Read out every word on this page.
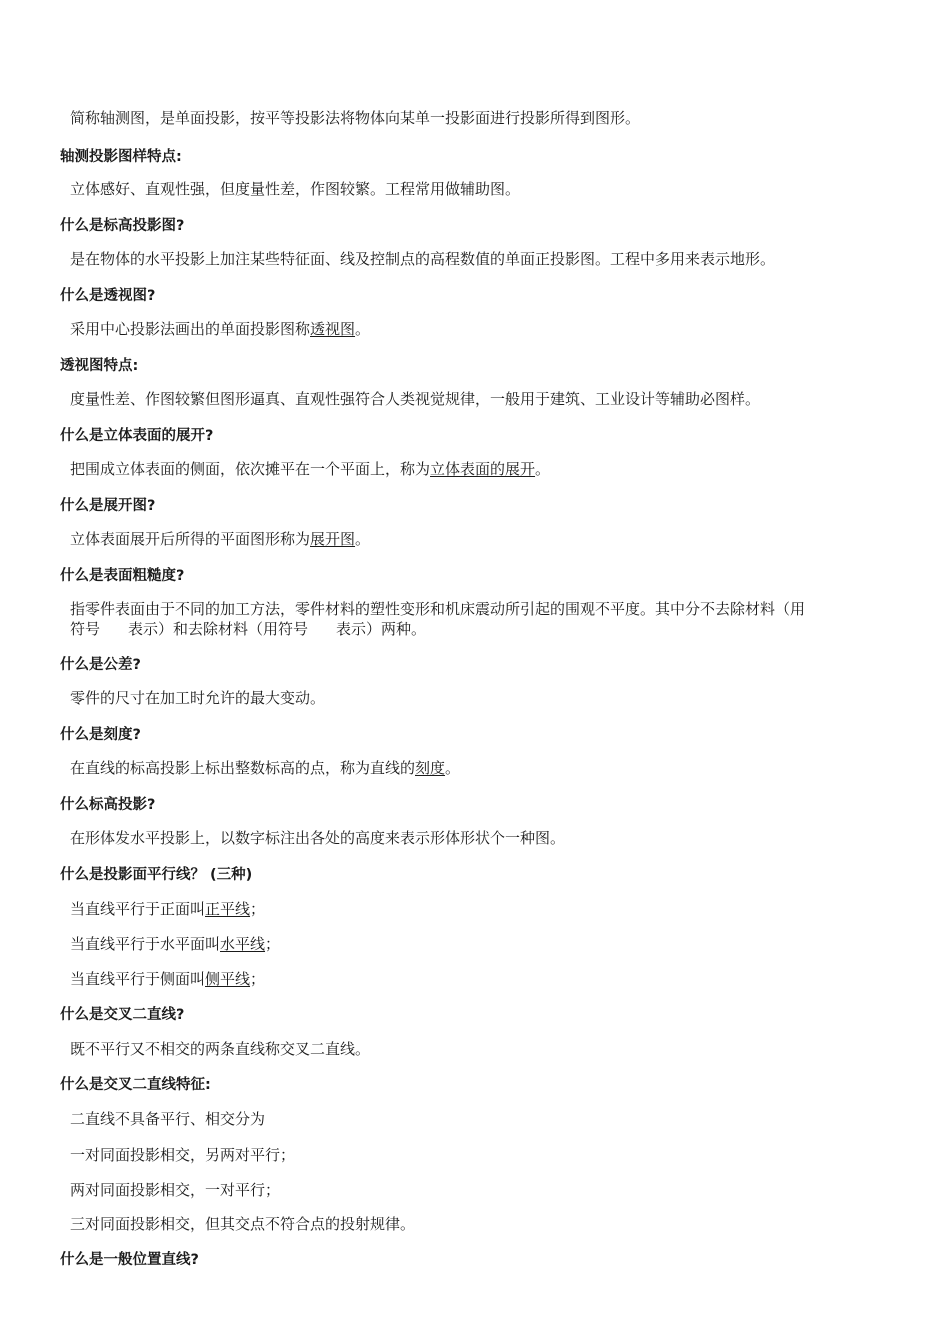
简称轴测图，是单面投影，按平等投影法将物体向某单一投影面进行投影所得到图形。
轴测投影图样特点:
立体感好、直观性强，但度量性差，作图较繁。工程常用做辅助图。
什么是标高投影图?
是在物体的水平投影上加注某些特征面、线及控制点的高程数值的单面正投影图。工程中多用来表示地形。
什么是透视图?
采用中心投影法画出的单面投影图称透视图。
透视图特点:
度量性差、作图较繁但图形逼真、直观性强符合人类视觉规律，一般用于建筑、工业设计等辅助必图样。
什么是立体表面的展开?
把围成立体表面的侧面，依次摊平在一个平面上，称为立体表面的展开。
什么是展开图?
立体表面展开后所得的平面图形称为展开图。
什么是表面粗糙度?
指零件表面由于不同的加工方法，零件材料的塑性变形和机床震动所引起的围观不平度。其中分不去除材料（用
符号 表示）和去除材料（用符号 表示）两种。
什么是公差?
零件的尺寸在加工时允许的最大变动。
什么是刻度?
在直线的标高投影上标出整数标高的点，称为直线的刻度。
什么标高投影?
在形体发水平投影上，以数字标注出各处的高度来表示形体形状个一种图。
什么是投影面平行线？ (三种)
当直线平行于正面叫正平线；
当直线平行于水平面叫水平线；
当直线平行于侧面叫侧平线；
什么是交叉二直线?
既不平行又不相交的两条直线称交叉二直线。
什么是交叉二直线特征:
二直线不具备平行、相交分为
一对同面投影相交，另两对平行；
两对同面投影相交，一对平行；
三对同面投影相交，但其交点不符合点的投射规律。
什么是一般位置直线?
